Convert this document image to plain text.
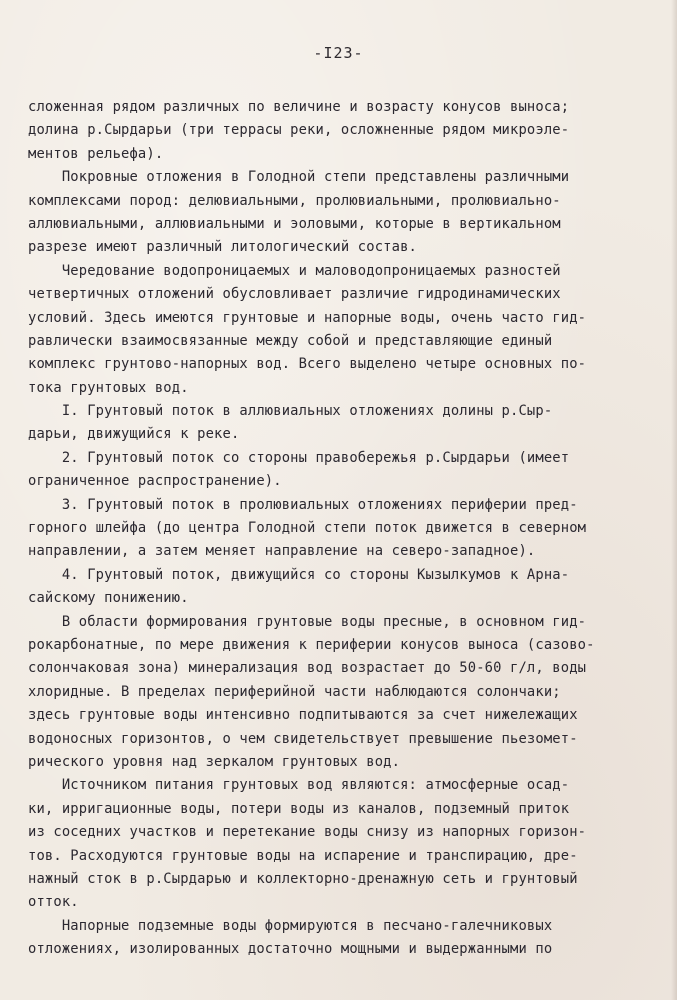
-I23-
сложенная рядом различных по величине и возрасту конусов выноса;
долина р.Сырдарьи (три террасы реки, осложненные рядом микроэле-
ментов рельефа).
Покровные отложения в Голодной степи представлены различными
комплексами пород: делювиальными, пролювиальными, пролювиально-
аллювиальными, аллювиальными и эоловыми, которые в вертикальном
разрезе имеют различный литологический состав.
Чередование водопроницаемых и маловодопроницаемых разностей
четвертичных отложений обусловливает различие гидродинамических
условий. Здесь имеются грунтовые и напорные воды, очень часто гид-
равлически взаимосвязанные между собой и представляющие единый
комплекс грунтово-напорных вод. Всего выделено четыре основных по-
тока грунтовых вод.
I. Грунтовый поток в аллювиальных отложениях долины р.Сыр-
дарьи, движущийся к реке.
2. Грунтовый поток со стороны правобережья р.Сырдарьи (имеет
ограниченное распространение).
3. Грунтовый поток в пролювиальных отложениях периферии пред-
горного шлейфа (до центра Голодной степи поток движется в северном
направлении, а затем меняет направление на северо-западное).
4. Грунтовый поток, движущийся со стороны Кызылкумов к Арна-
сайскому понижению.
В области формирования грунтовые воды пресные, в основном гид-
рокарбонатные, по мере движения к периферии конусов выноса (сазово-
солончаковая зона) минерализация вод возрастает до 50-60 г/л, воды
хлоридные. В пределах периферийной части наблюдаются солончаки;
здесь грунтовые воды интенсивно подпитываются за счет нижележащих
водоносных горизонтов, о чем свидетельствует превышение пьезомет-
рического уровня над зеркалом грунтовых вод.
Источником питания грунтовых вод являются: атмосферные осад-
ки, ирригационные воды, потери воды из каналов, подземный приток
из соседних участков и перетекание воды снизу из напорных горизон-
тов. Расходуются грунтовые воды на испарение и транспирацию, дре-
нажный сток в р.Сырдарью и коллекторно-дренажную сеть и грунтовый
отток.
Напорные подземные воды формируются в песчано-галечниковых
отложениях, изолированных достаточно мощными и выдержанными по
